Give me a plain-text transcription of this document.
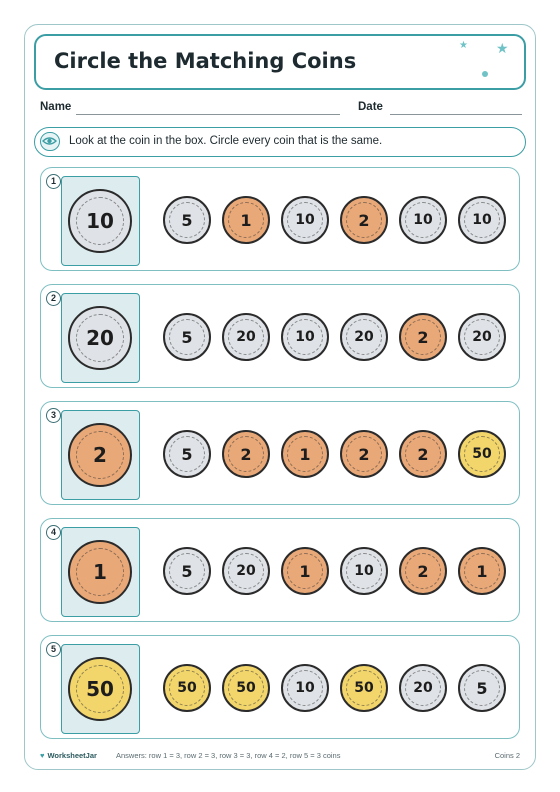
Circle the Matching Coins
★ ★
Name	Date
Look at the coin in the box. Circle every coin that is the same.
1
10	5	1	10	2	10	10
2
20	5	20	10	20	2	20
3
2	5	2	1	2	2	50
4
1	5	20	1	10	2	1
5
50	50	50	10	50	20	5
♥ WorksheetJar	Answers: row 1 = 3, row 2 = 3, row 3 = 3, row 4 = 2, row 5 = 3 coins	Coins 2
